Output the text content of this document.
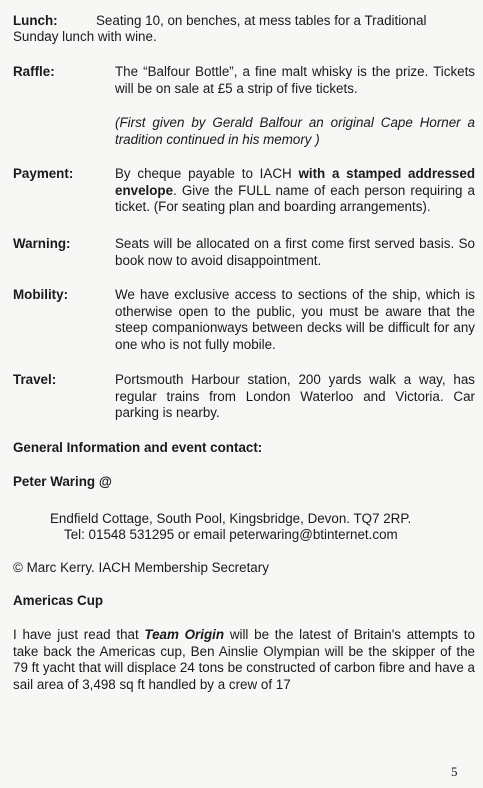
Lunch:	Seating 10, on benches, at mess tables for a Traditional
Sunday lunch with wine.
Raffle:	The “Balfour Bottle”, a fine malt whisky is the prize. Tickets will be on sale at £5 a strip of five tickets.
(First given by Gerald Balfour an original Cape Horner a tradition continued in his memory )
Payment:	By cheque payable to IACH with a stamped addressed envelope. Give the FULL name of each person requiring a ticket. (For seating plan and boarding arrangements).
Warning:	Seats will be allocated on a first come first served basis. So book now to avoid disappointment.
Mobility:	We have exclusive access to sections of the ship, which is otherwise open to the public, you must be aware that the steep companionways between decks will be difficult for any one who is not fully mobile.
Travel:	Portsmouth Harbour station, 200 yards walk a way, has regular trains from London Waterloo and Victoria. Car parking is nearby.
General Information and event contact:
Peter Waring @
Endfield Cottage, South Pool, Kingsbridge, Devon. TQ7 2RP.
Tel: 01548 531295 or email peterwaring@btinternet.com
© Marc Kerry. IACH Membership Secretary
Americas Cup
I have just read that Team Origin will be the latest of Britain's attempts to take back the Americas cup, Ben Ainslie Olympian will be the skipper of the 79 ft yacht that will displace 24 tons be constructed of carbon fibre and have a sail area of 3,498 sq ft handled by a crew of 17
5
